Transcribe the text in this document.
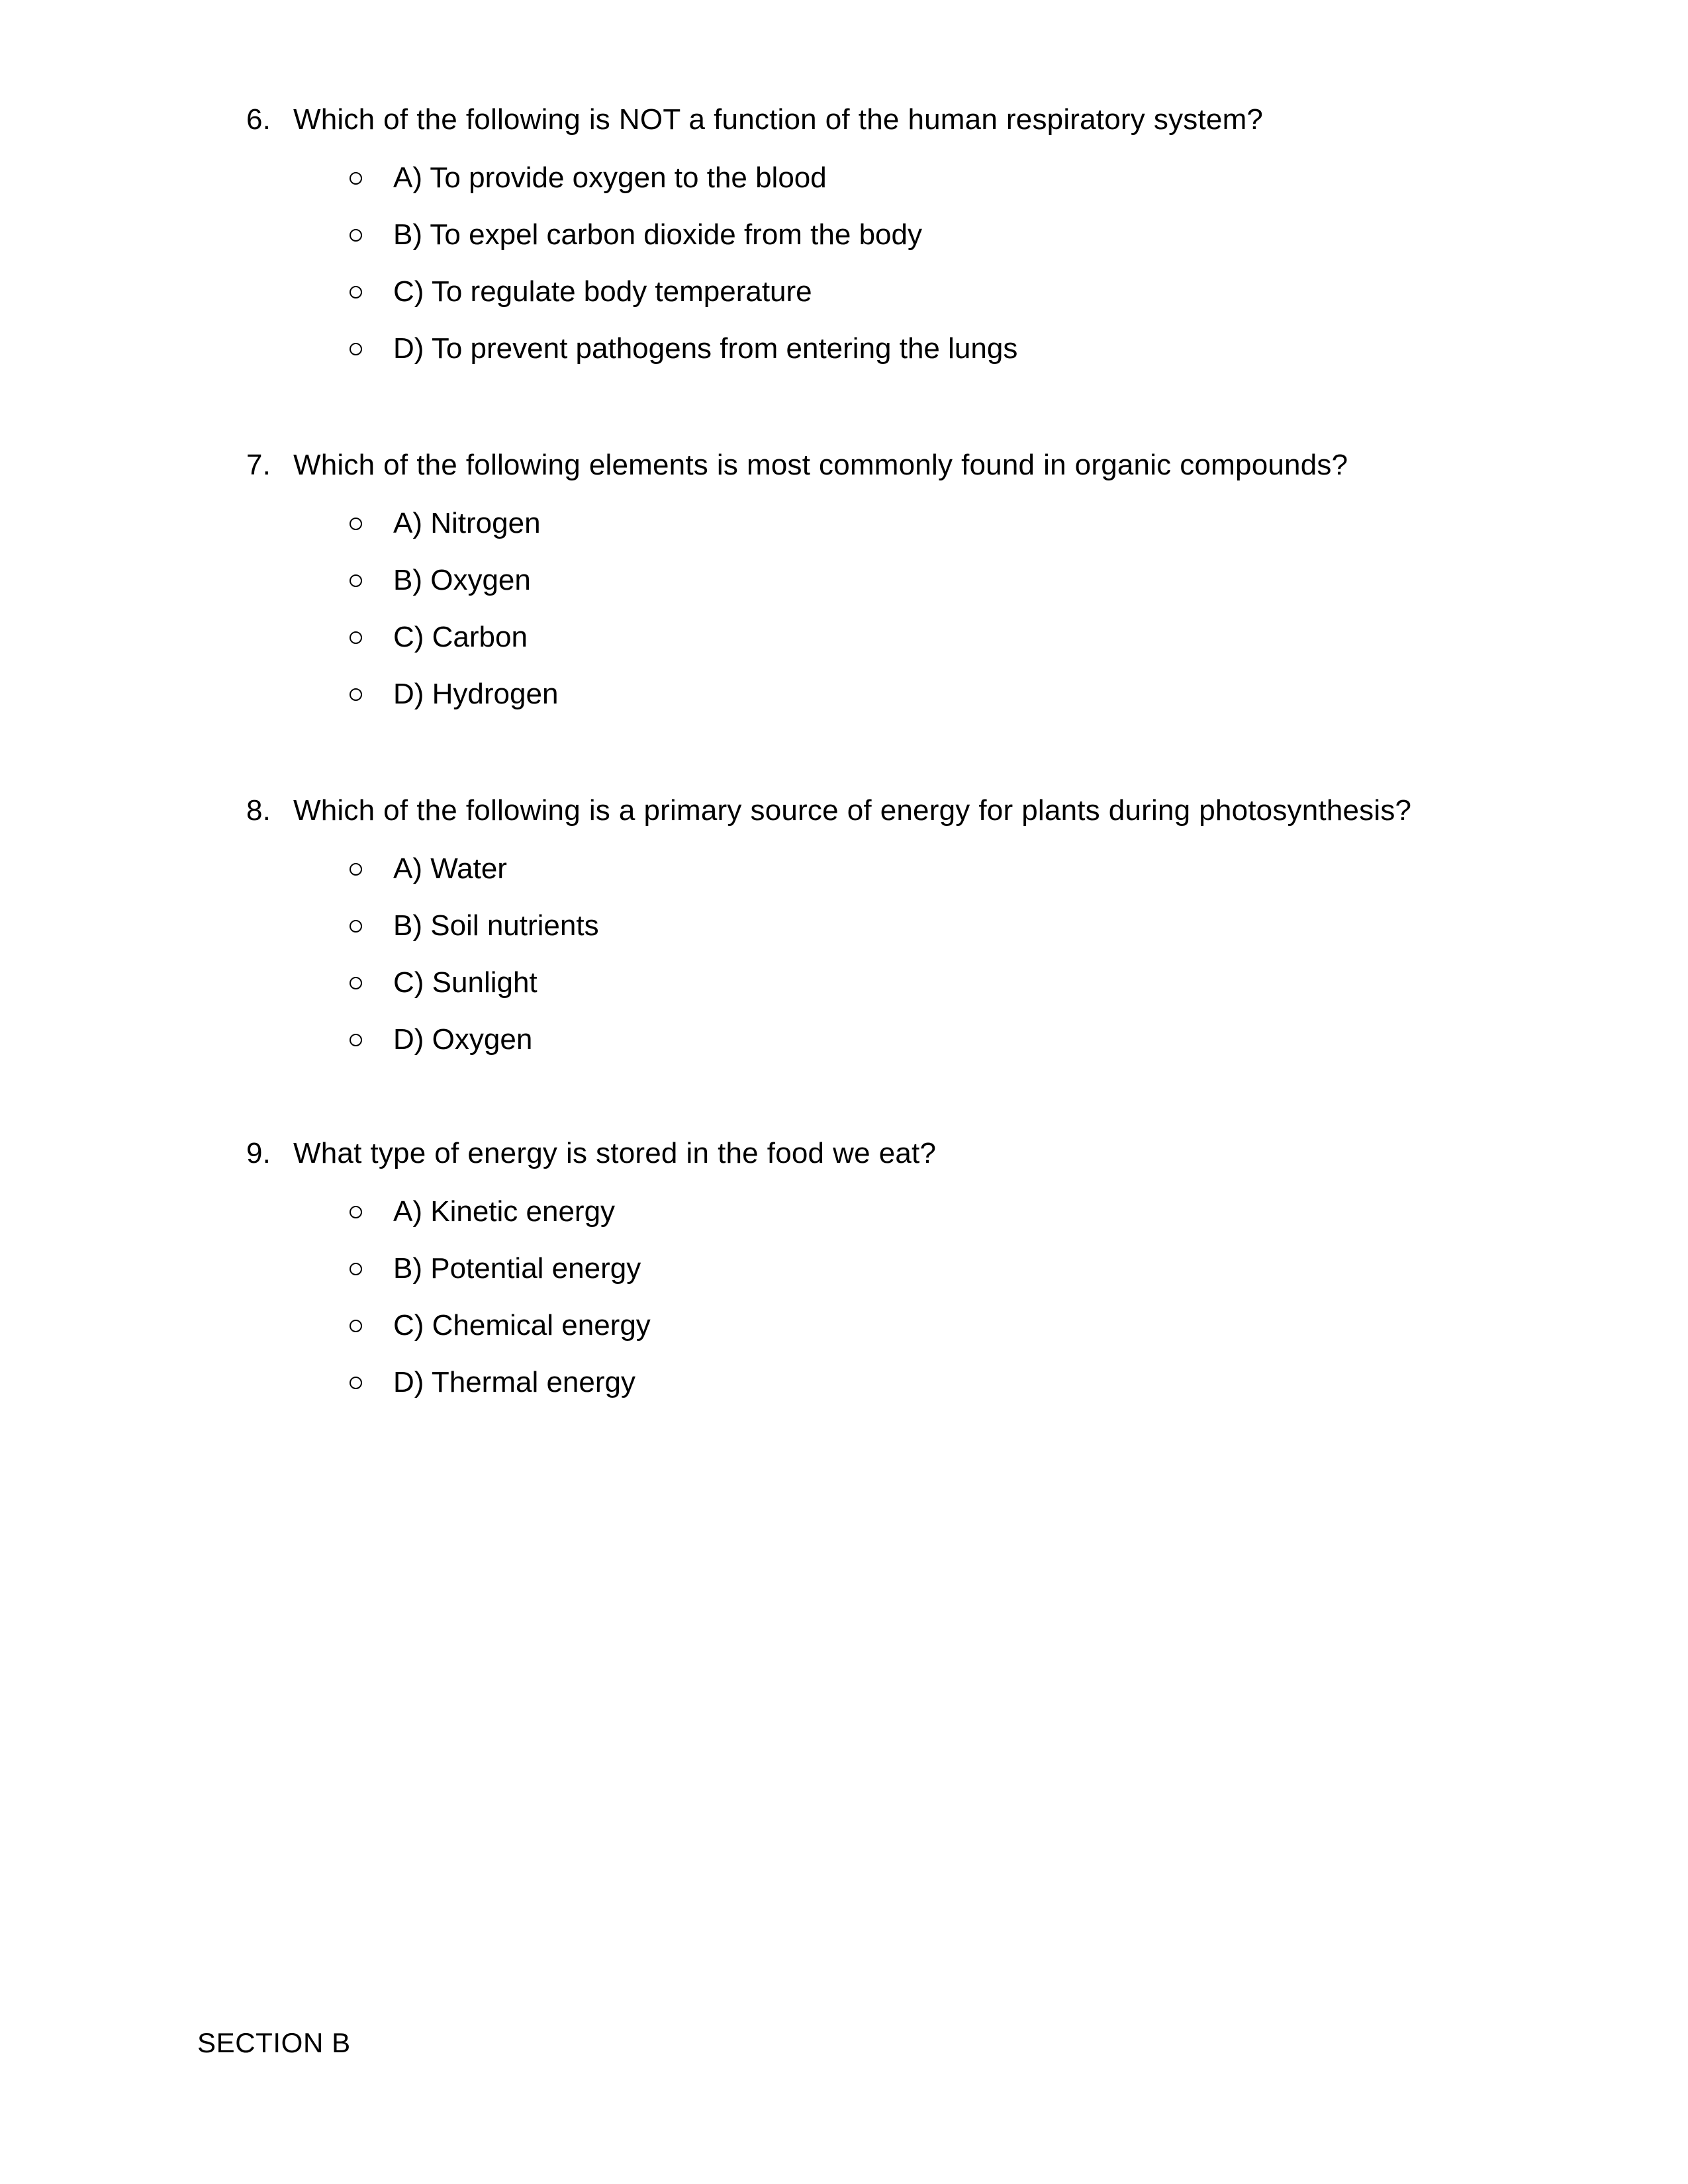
6. Which of the following is NOT a function of the human respiratory system?
A) To provide oxygen to the blood
B) To expel carbon dioxide from the body
C) To regulate body temperature
D) To prevent pathogens from entering the lungs
7. Which of the following elements is most commonly found in organic compounds?
A) Nitrogen
B) Oxygen
C) Carbon
D) Hydrogen
8. Which of the following is a primary source of energy for plants during photosynthesis?
A) Water
B) Soil nutrients
C) Sunlight
D) Oxygen
9. What type of energy is stored in the food we eat?
A) Kinetic energy
B) Potential energy
C) Chemical energy
D) Thermal energy
SECTION B
